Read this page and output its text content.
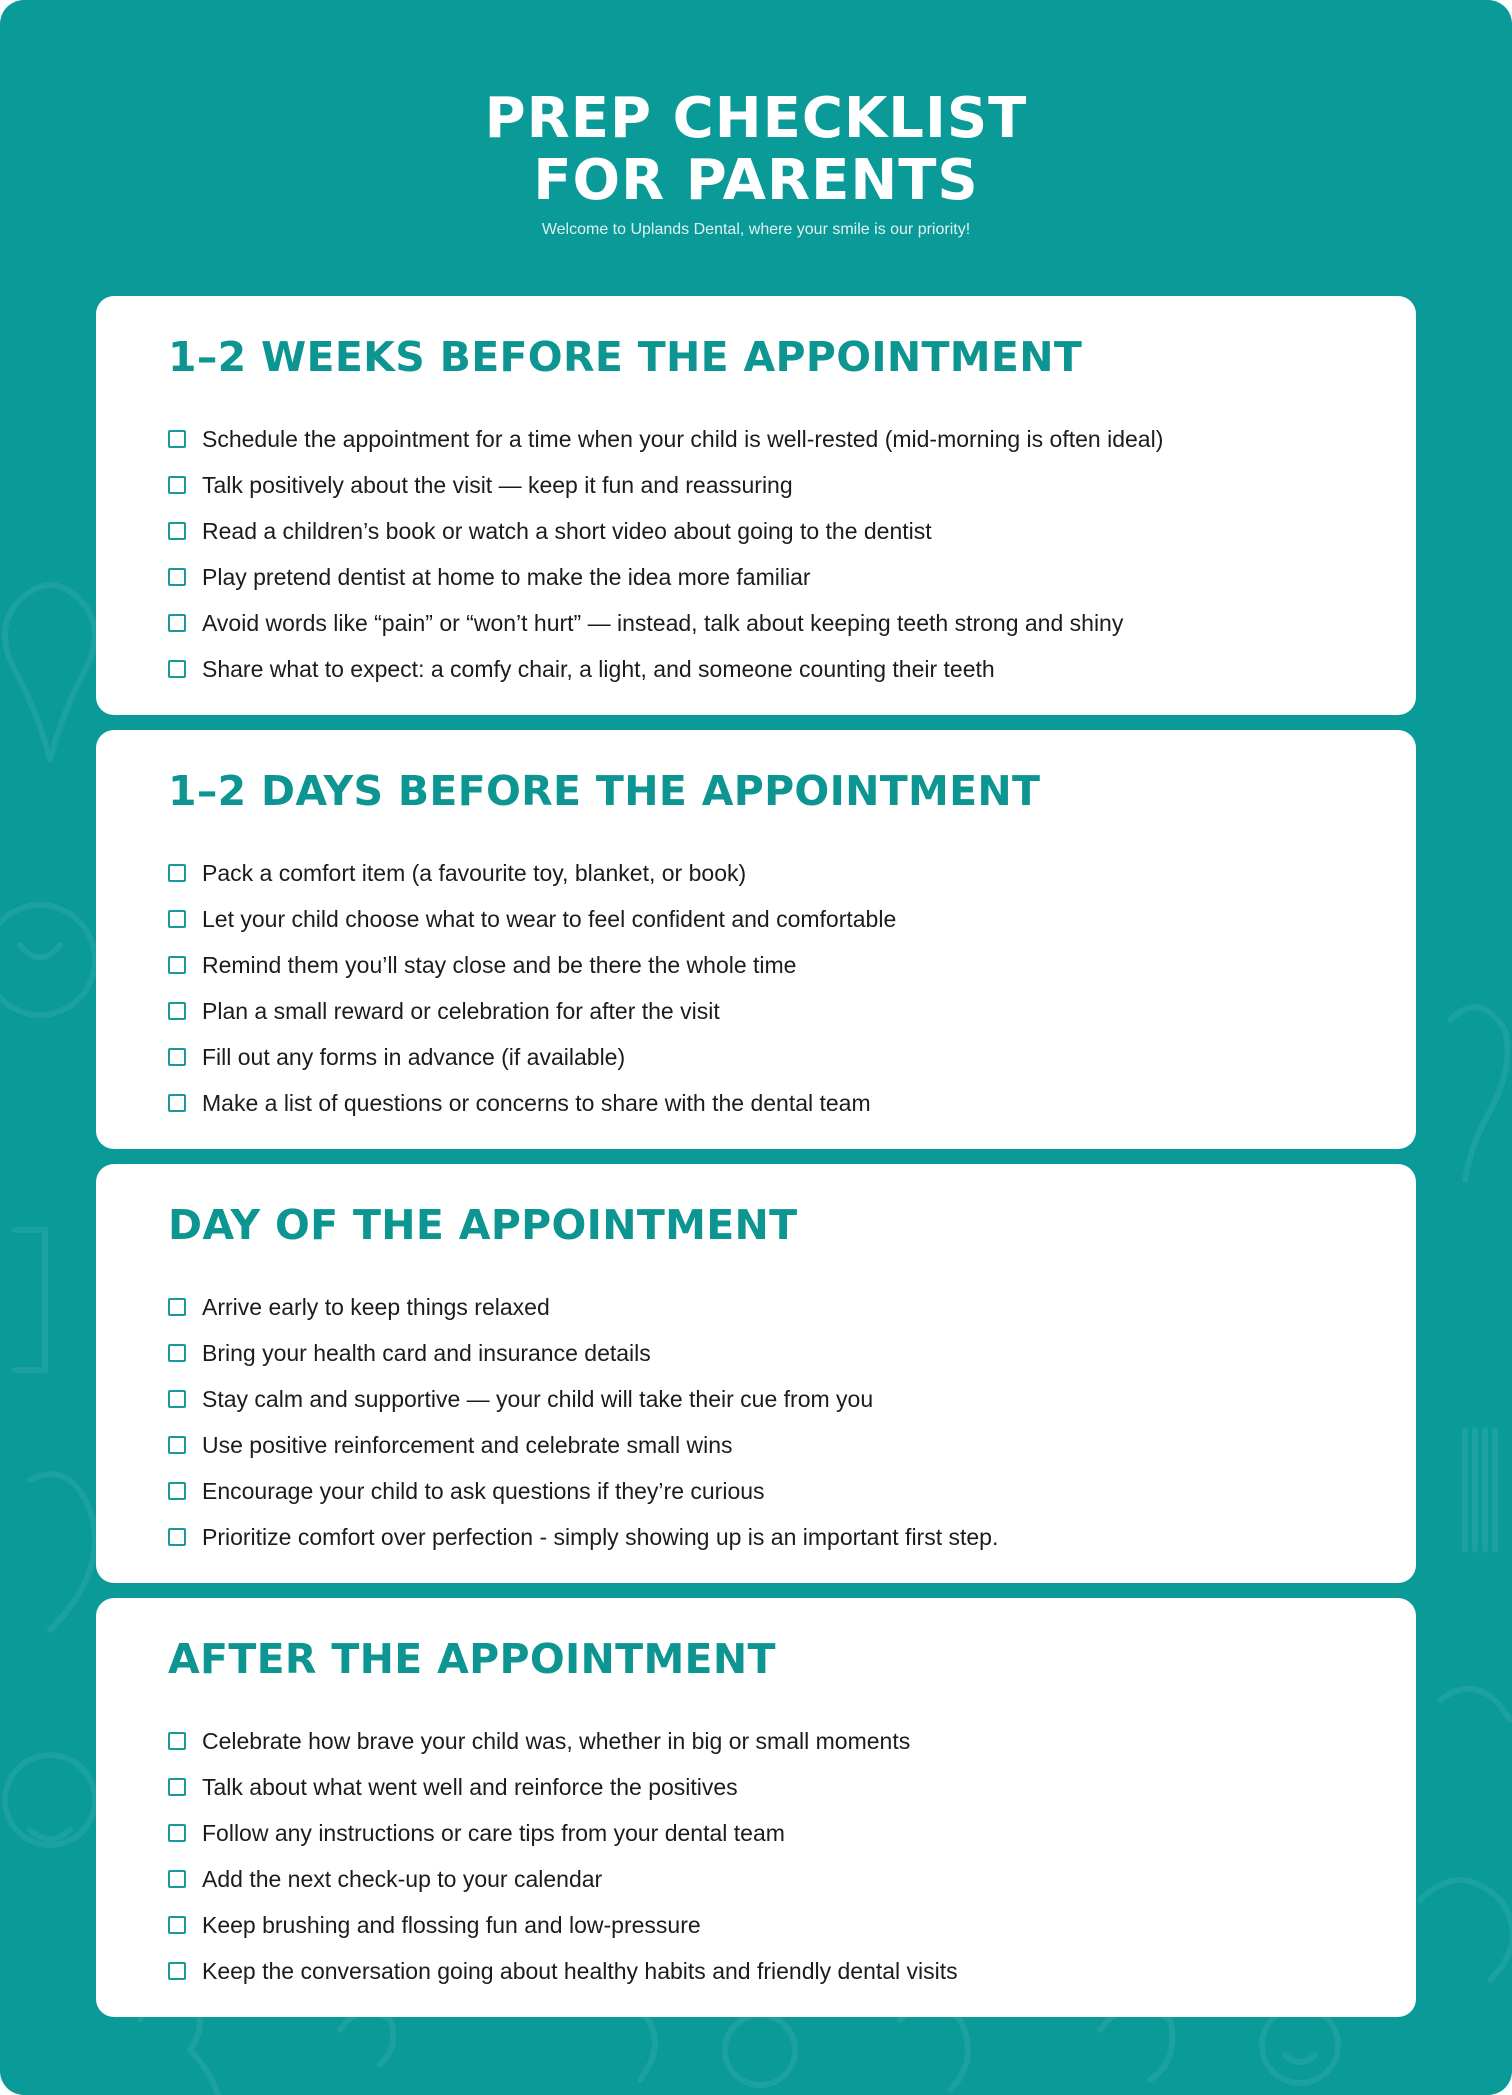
PREP CHECKLIST
FOR PARENTS

Welcome to Uplands Dental, where your smile is our priority!

1–2 WEEKS BEFORE THE APPOINTMENT
Schedule the appointment for a time when your child is well-rested (mid-morning is often ideal)
Talk positively about the visit — keep it fun and reassuring
Read a children’s book or watch a short video about going to the dentist
Play pretend dentist at home to make the idea more familiar
Avoid words like “pain” or “won’t hurt” — instead, talk about keeping teeth strong and shiny
Share what to expect: a comfy chair, a light, and someone counting their teeth
1–2 DAYS BEFORE THE APPOINTMENT
Pack a comfort item (a favourite toy, blanket, or book)
Let your child choose what to wear to feel confident and comfortable
Remind them you’ll stay close and be there the whole time
Plan a small reward or celebration for after the visit
Fill out any forms in advance (if available)
Make a list of questions or concerns to share with the dental team
DAY OF THE APPOINTMENT
Arrive early to keep things relaxed
Bring your health card and insurance details
Stay calm and supportive — your child will take their cue from you
Use positive reinforcement and celebrate small wins
Encourage your child to ask questions if they’re curious
Prioritize comfort over perfection - simply showing up is an important first step.
AFTER THE APPOINTMENT
Celebrate how brave your child was, whether in big or small moments
Talk about what went well and reinforce the positives
Follow any instructions or care tips from your dental team
Add the next check-up to your calendar
Keep brushing and flossing fun and low-pressure
Keep the conversation going about healthy habits and friendly dental visits
